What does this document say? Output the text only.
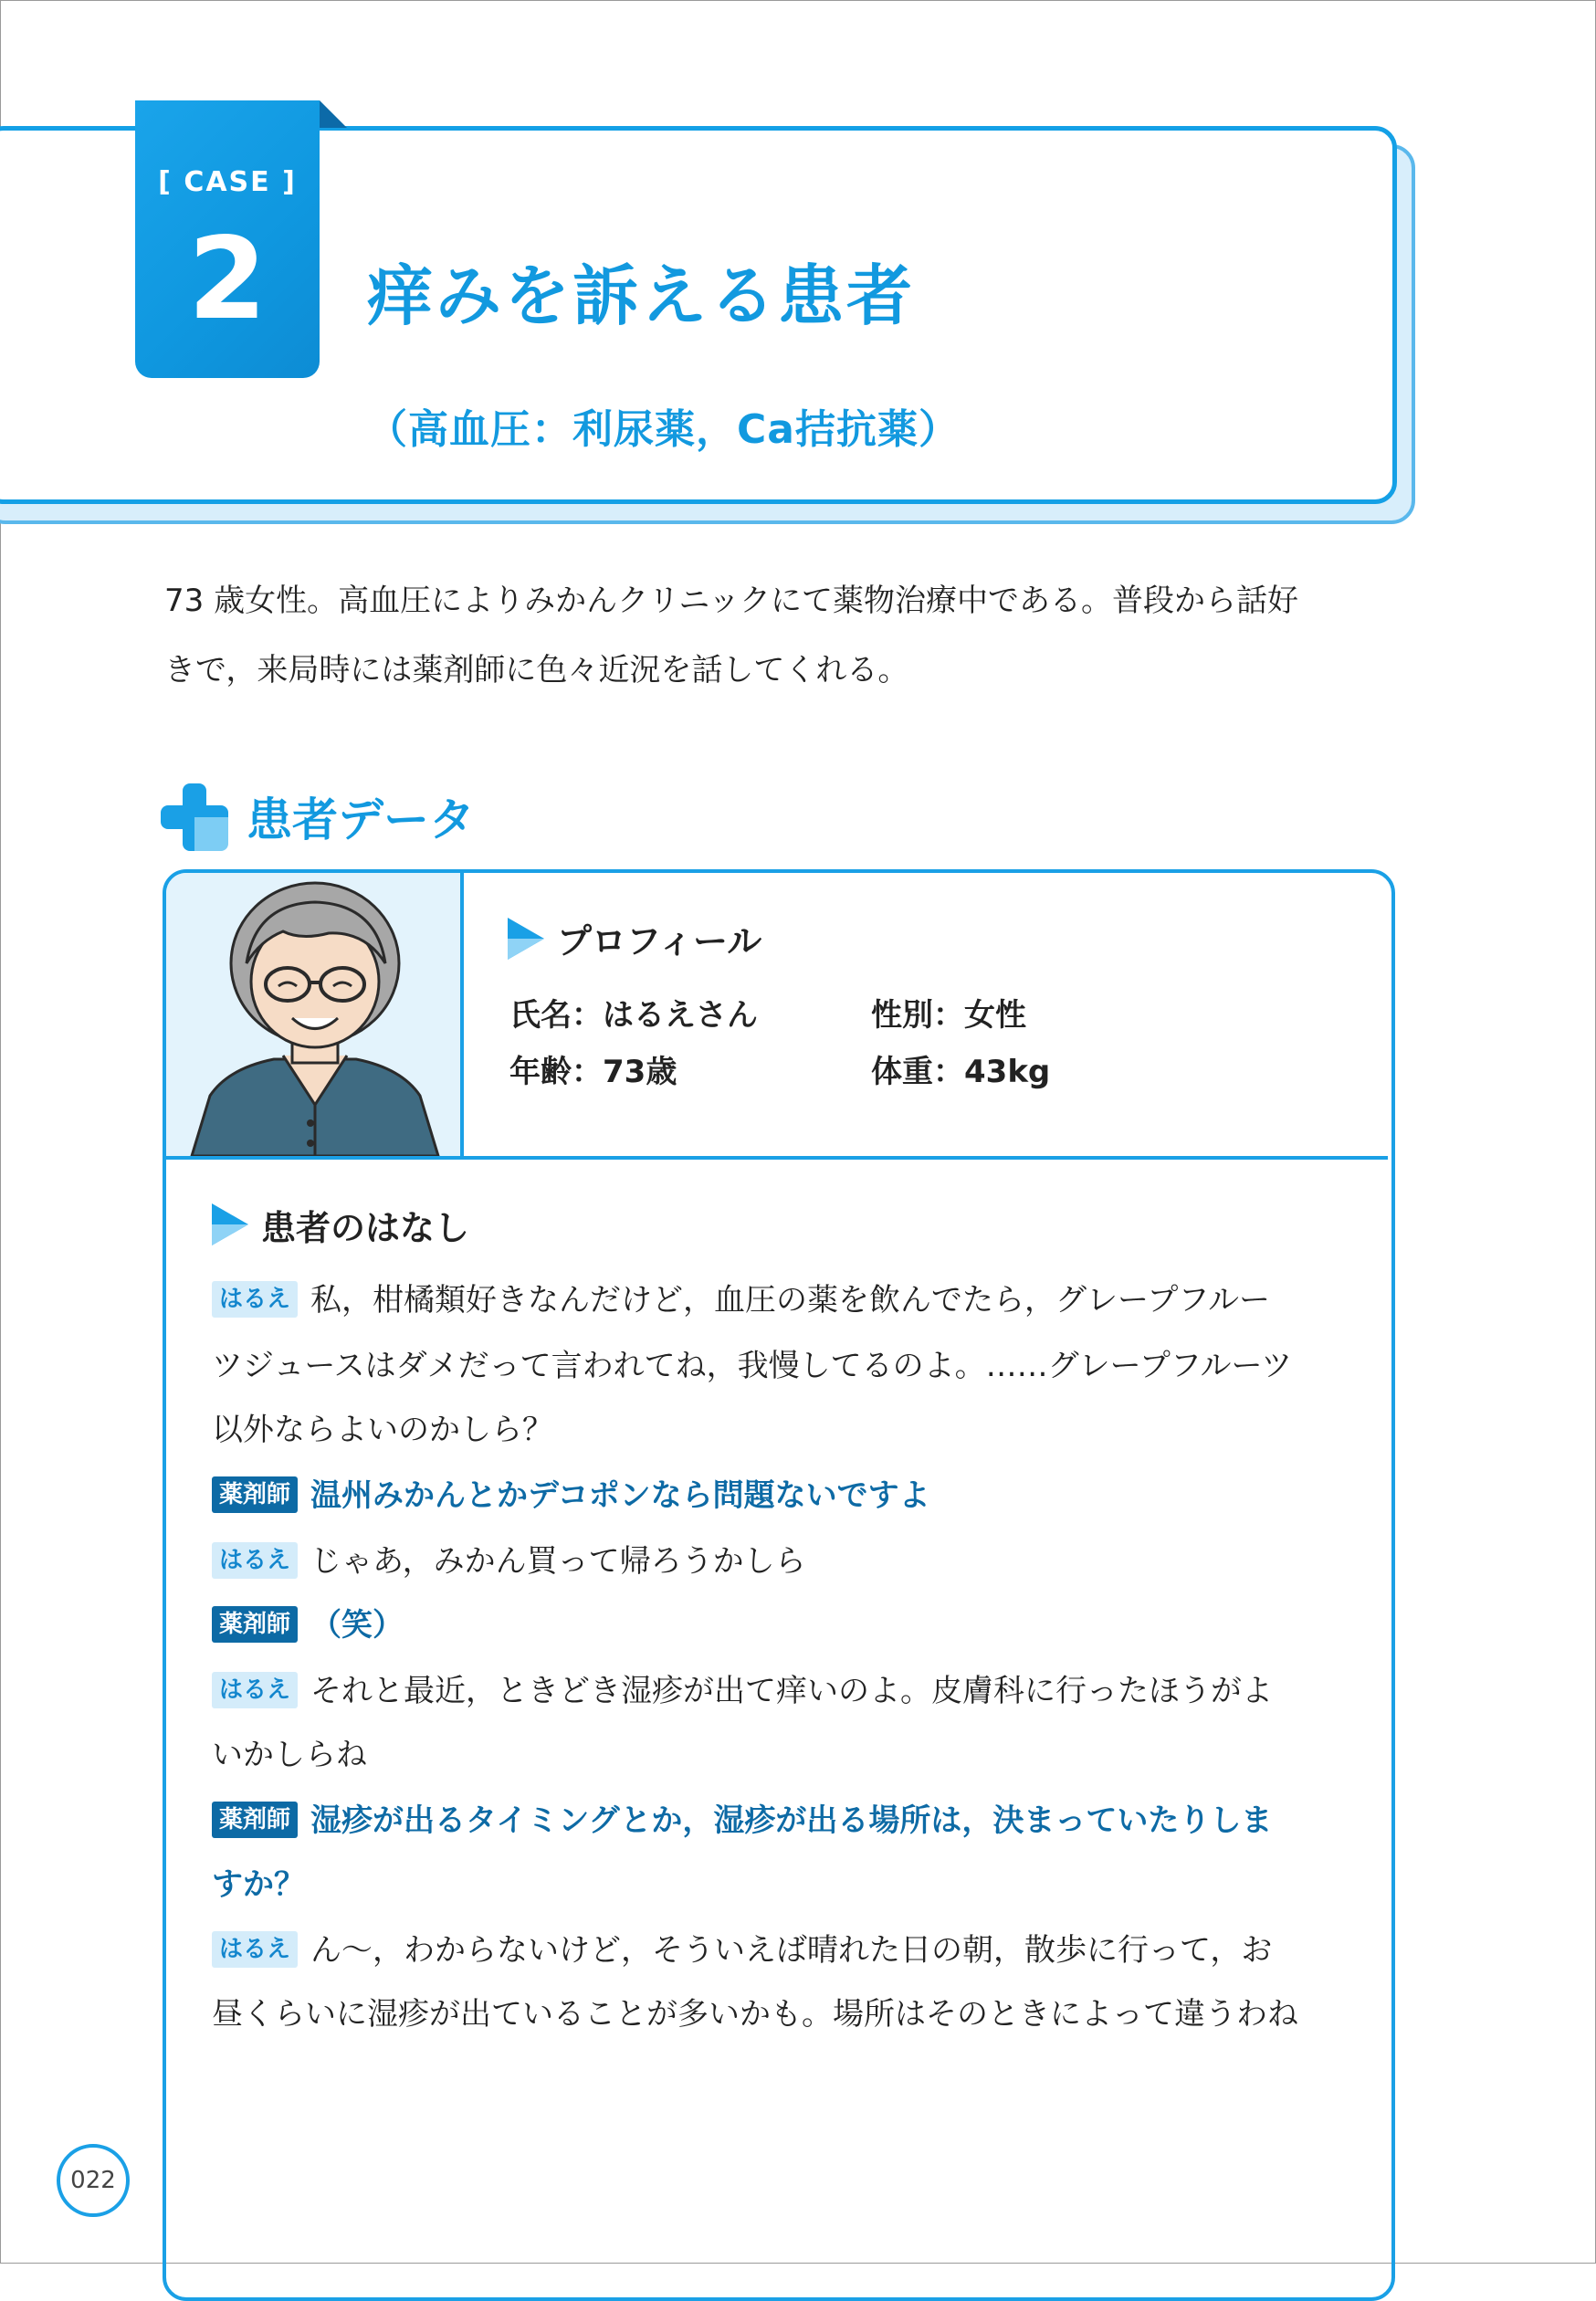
[ CASE ]
2	痒みを訴える患者
（高血圧：利尿薬，Ca拮抗薬）
73 歳女性。高血圧によりみかんクリニックにて薬物治療中である。普段から話好
きで，来局時には薬剤師に色々近況を話してくれる。
患者データ
プロフィール
氏名：はるえさん	性別：女性
年齢：73歳	体重：43kg
患者のはなし
はるえ 私，柑橘類好きなんだけど，血圧の薬を飲んでたら，グレープフルー
ツジュースはダメだって言われてね，我慢してるのよ。……グレープフルーツ
以外ならよいのかしら？
薬剤師 温州みかんとかデコポンなら問題ないですよ
はるえ じゃあ，みかん買って帰ろうかしら
薬剤師 （笑）
はるえ それと最近，ときどき湿疹が出て痒いのよ。皮膚科に行ったほうがよ
いかしらね
薬剤師 湿疹が出るタイミングとか，湿疹が出る場所は，決まっていたりしま
すか？
はるえ ん〜，わからないけど，そういえば晴れた日の朝，散歩に行って，お
昼くらいに湿疹が出ていることが多いかも。場所はそのときによって違うわね
022
